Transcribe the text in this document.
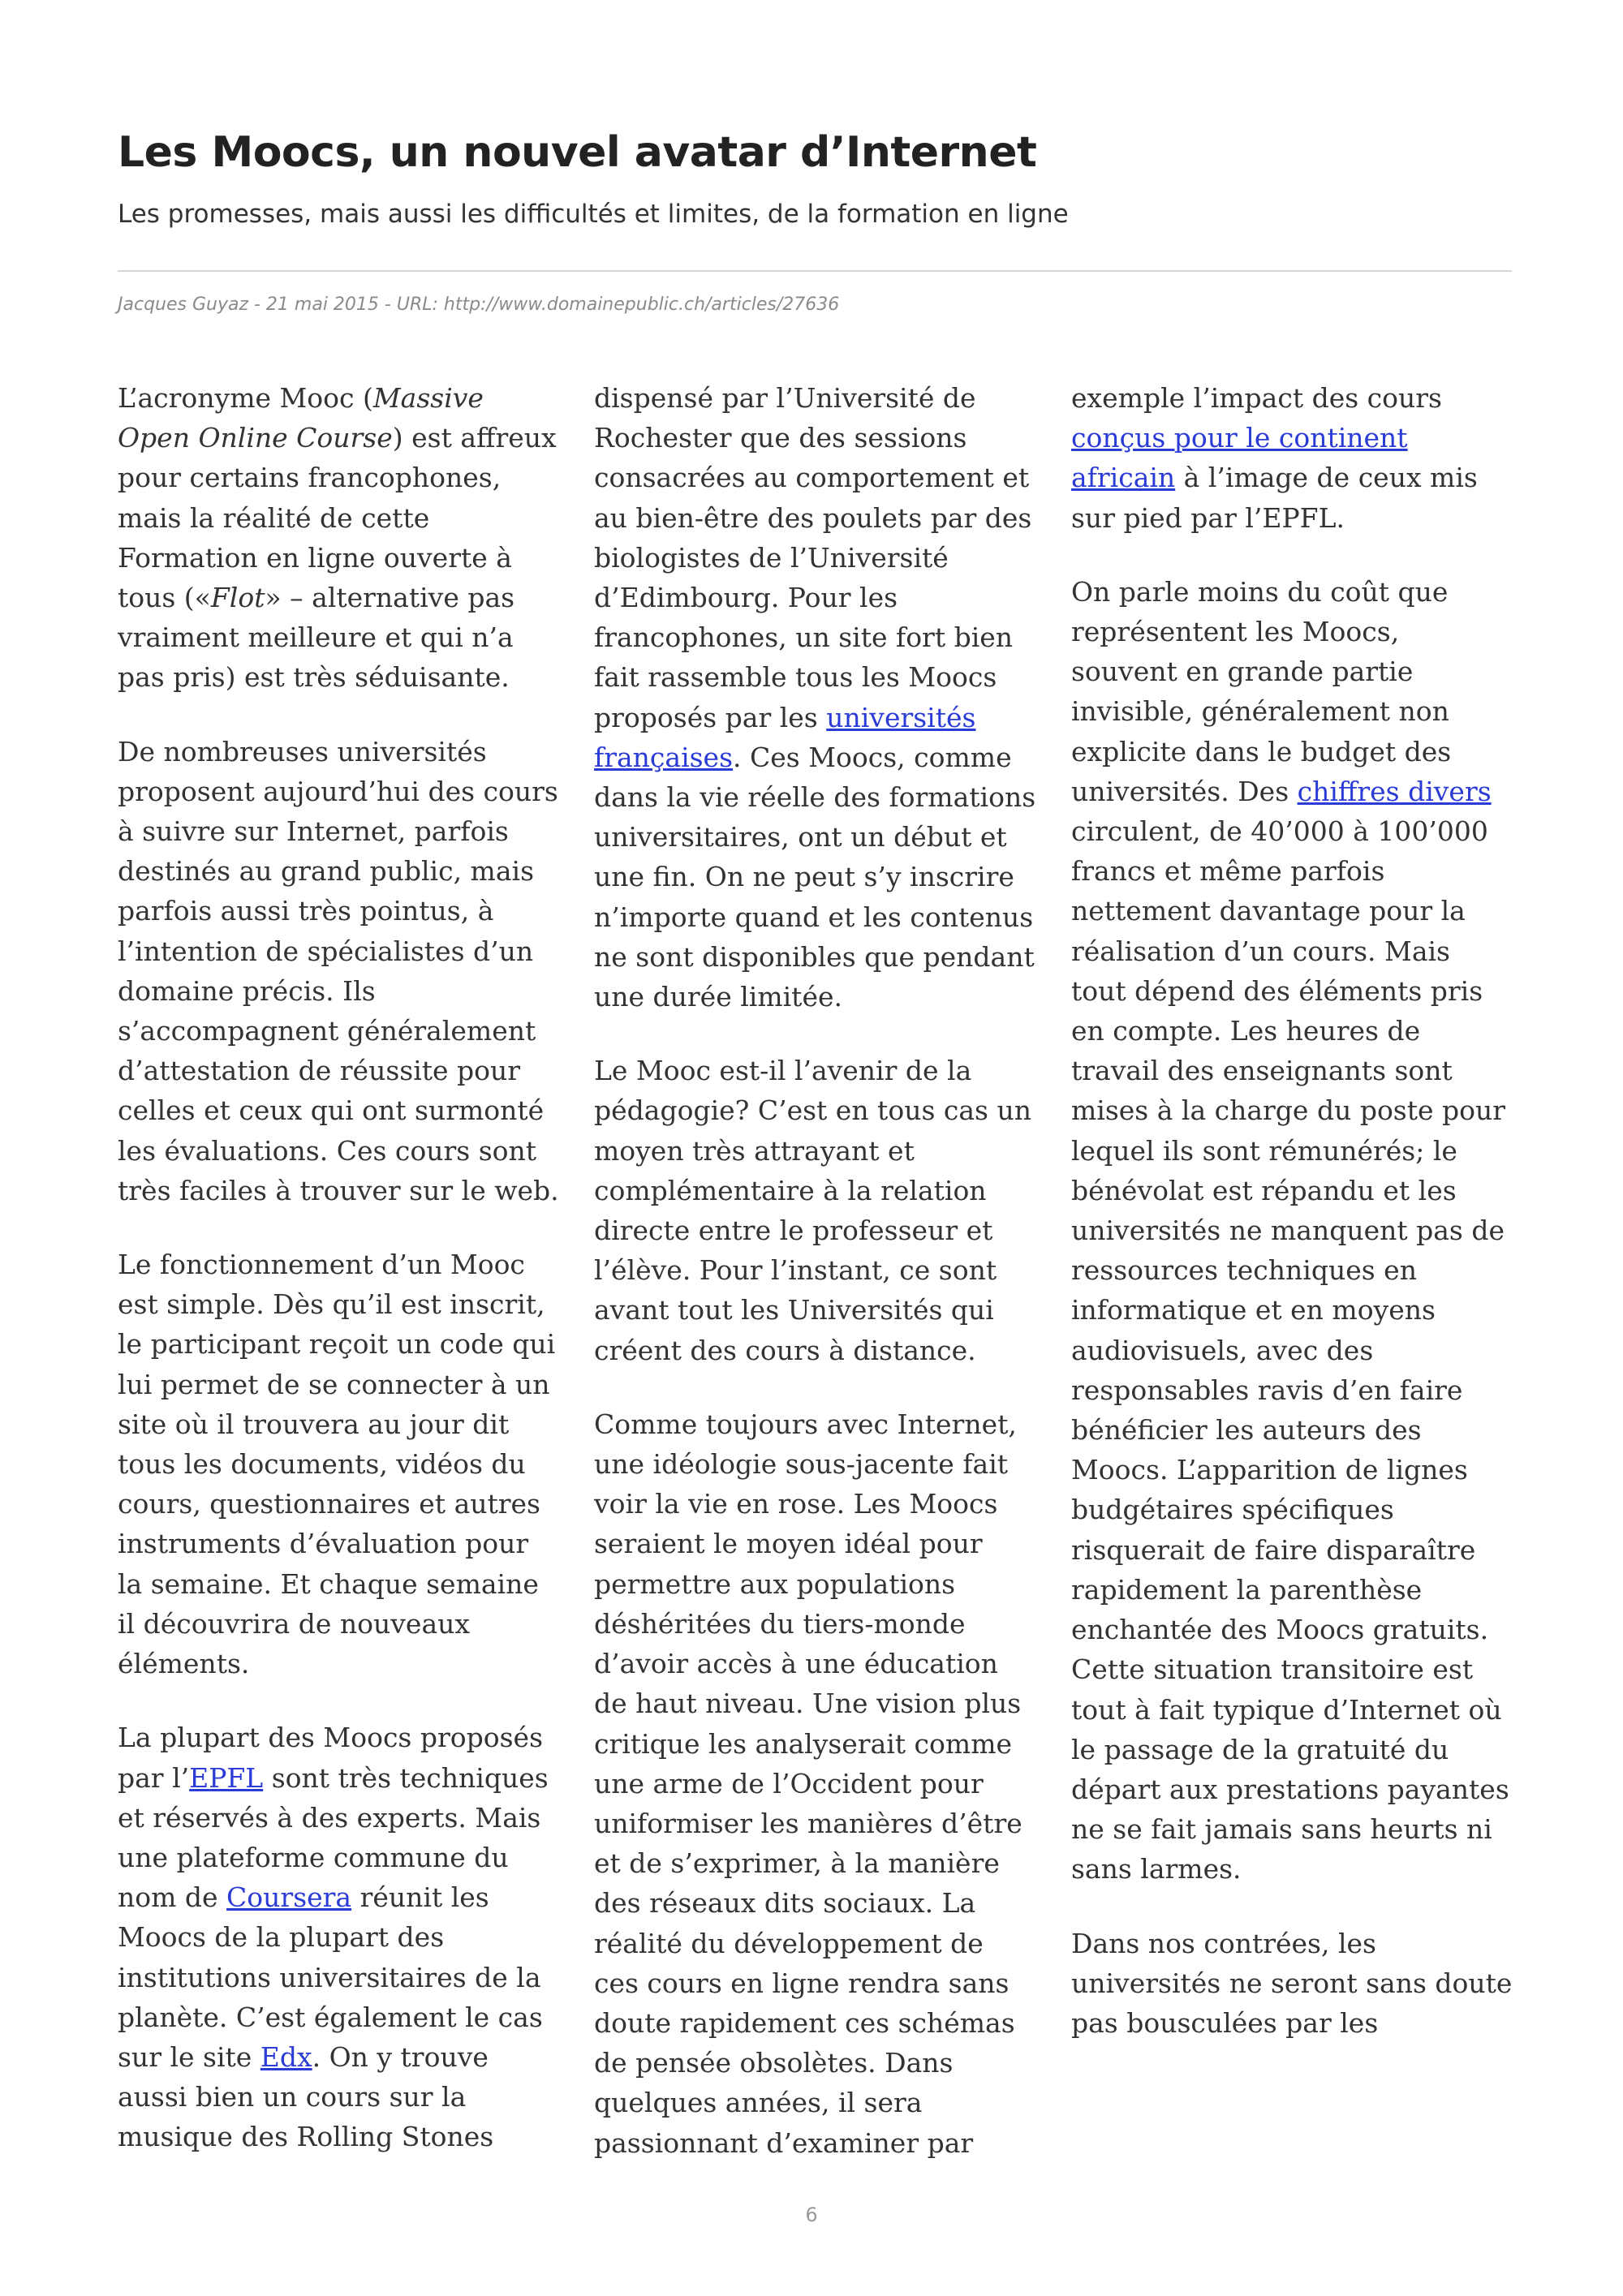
Les Moocs, un nouvel avatar d’Internet

Les promesses, mais aussi les difficultés et limites, de la formation en ligne

Jacques Guyaz - 21 mai 2015 - URL: http://www.domainepublic.ch/articles/27636

L’acronyme Mooc (Massive Open Online Course) est affreux pour certains francophones, mais la réalité de cette Formation en ligne ouverte à tous («Flot» – alternative pas vraiment meilleure et qui n’a pas pris) est très séduisante.

De nombreuses universités proposent aujourd’hui des cours à suivre sur Internet, parfois destinés au grand public, mais parfois aussi très pointus, à l’intention de spécialistes d’un domaine précis. Ils s’accompagnent généralement d’attestation de réussite pour celles et ceux qui ont surmonté les évaluations. Ces cours sont très faciles à trouver sur le web.

Le fonctionnement d’un Mooc est simple. Dès qu’il est inscrit, le participant reçoit un code qui lui permet de se connecter à un site où il trouvera au jour dit tous les documents, vidéos du cours, questionnaires et autres instruments d’évaluation pour la semaine. Et chaque semaine il découvrira de nouveaux éléments.

La plupart des Moocs proposés par l’EPFL sont très techniques et réservés à des experts. Mais une plateforme commune du nom de Coursera réunit les Moocs de la plupart des institutions universitaires de la planète. C’est également le cas sur le site Edx. On y trouve aussi bien un cours sur la musique des Rolling Stones

dispensé par l’Université de Rochester que des sessions consacrées au comportement et au bien-être des poulets par des biologistes de l’Université d’Edimbourg. Pour les francophones, un site fort bien fait rassemble tous les Moocs proposés par les universités françaises. Ces Moocs, comme dans la vie réelle des formations universitaires, ont un début et une fin. On ne peut s’y inscrire n’importe quand et les contenus ne sont disponibles que pendant une durée limitée.

Le Mooc est-il l’avenir de la pédagogie? C’est en tous cas un moyen très attrayant et complémentaire à la relation directe entre le professeur et l’élève. Pour l’instant, ce sont avant tout les Universités qui créent des cours à distance.

Comme toujours avec Internet, une idéologie sous-jacente fait voir la vie en rose. Les Moocs seraient le moyen idéal pour permettre aux populations déshéritées du tiers-monde d’avoir accès à une éducation de haut niveau. Une vision plus critique les analyserait comme une arme de l’Occident pour uniformiser les manières d’être et de s’exprimer, à la manière des réseaux dits sociaux. La réalité du développement de ces cours en ligne rendra sans doute rapidement ces schémas de pensée obsolètes. Dans quelques années, il sera passionnant d’examiner par

exemple l’impact des cours conçus pour le continent africain à l’image de ceux mis sur pied par l’EPFL.

On parle moins du coût que représentent les Moocs, souvent en grande partie invisible, généralement non explicite dans le budget des universités. Des chiffres divers circulent, de 40’000 à 100’000 francs et même parfois nettement davantage pour la réalisation d’un cours. Mais tout dépend des éléments pris en compte. Les heures de travail des enseignants sont mises à la charge du poste pour lequel ils sont rémunérés; le bénévolat est répandu et les universités ne manquent pas de ressources techniques en informatique et en moyens audiovisuels, avec des responsables ravis d’en faire bénéficier les auteurs des Moocs. L’apparition de lignes budgétaires spécifiques risquerait de faire disparaître rapidement la parenthèse enchantée des Moocs gratuits. Cette situation transitoire est tout à fait typique d’Internet où le passage de la gratuité du départ aux prestations payantes ne se fait jamais sans heurts ni sans larmes.

Dans nos contrées, les universités ne seront sans doute pas bousculées par les

6
